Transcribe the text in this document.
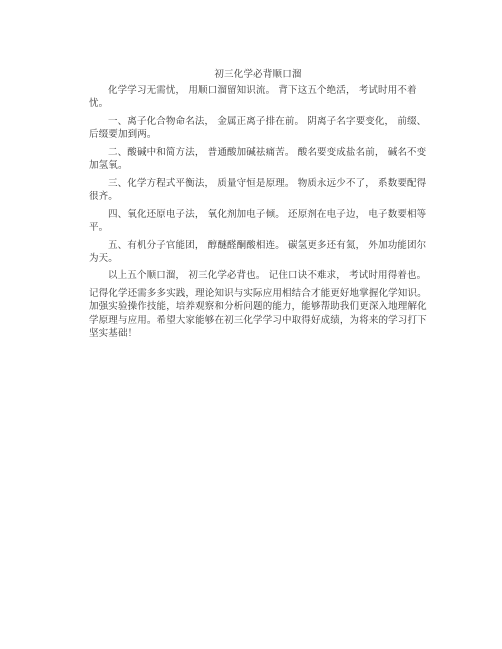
初三化学必背顺口溜

化学学习无需忧， 用顺口溜留知识流。 背下这五个绝活， 考试时用不着忧。

一、离子化合物命名法， 金属正离子排在前。 阴离子名字要变化， 前缀、后缀要加到两。

二、酸碱中和简方法， 普通酸加碱祛痛苦。 酸名要变成盐名前， 碱名不变加氢氧。

三、化学方程式平衡法， 质量守恒是原理。 物质永远少不了， 系数要配得很齐。

四、氧化还原电子法， 氧化剂加电子倾。 还原剂在电子边， 电子数要相等平。

五、有机分子官能团， 醇醚醛酮酸相连。 碳氢更多还有氮， 外加功能团尔为天。

以上五个顺口溜， 初三化学必背也。 记住口诀不难求， 考试时用得着也。

记得化学还需多多实践，理论知识与实际应用相结合才能更好地掌握化学知识。加强实验操作技能，培养观察和分析问题的能力，能够帮助我们更深入地理解化学原理与应用。希望大家能够在初三化学学习中取得好成绩，为将来的学习打下坚实基础！
